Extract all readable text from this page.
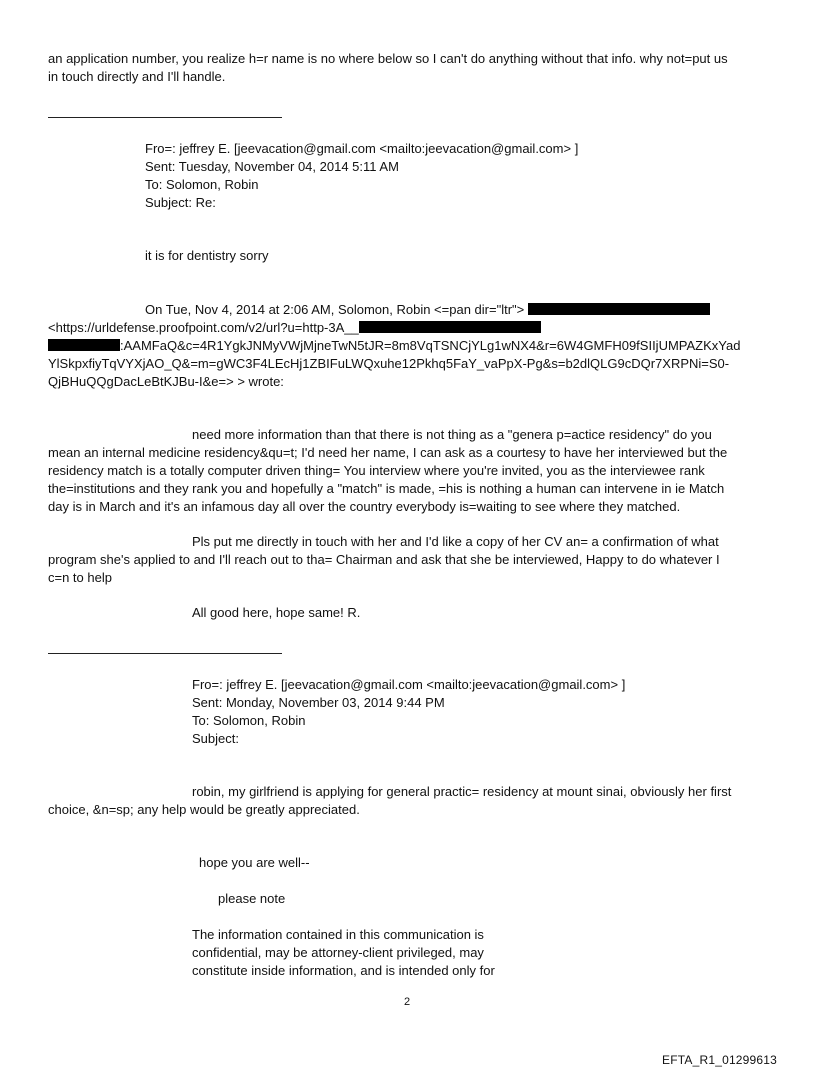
an application number, you realize h=r name is no where below so I can't do anything without that info. why not=put us

in touch directly and I'll handle.

Fro=: jeffrey E. [jeevacation@gmail.com <mailto:jeevacation@gmail.com> ]

Sent: Tuesday, November 04, 2014 5:11 AM

To: Solomon, Robin

Subject: Re:

it is for dentistry sorry

On Tue, Nov 4, 2014 at 2:06 AM, Solomon, Robin <=pan dir="ltr">

<https://urldefense.proofpoint.com/v2/url?u=http-3A__

:AAMFaQ&c=4R1YgkJNMyVWjMjneTwN5tJR=8m8VqTSNCjYLg1wNX4&r=6W4GMFH09fSIIjUMPAZKxYad

YlSkpxfiyTqVYXjAO_Q&=m=gWC3F4LEcHj1ZBIFuLWQxuhe12Pkhq5FaY_vaPpX-Pg&s=b2dlQLG9cDQr7XRPNi=S0-

QjBHuQQgDacLeBtKJBu-I&e=> > wrote:

need more information than that there is not thing as a "genera p=actice residency" do you

mean an internal medicine residency&qu=t; I'd need her name, I can ask as a courtesy to have her interviewed but the

residency match is a totally computer driven thing= You interview where you're invited, you as the interviewee rank

the=institutions and they rank you and hopefully a "match" is made, =his is nothing a human can intervene in ie Match

day is in March and it's an infamous day all over the country everybody is=waiting to see where they matched.

Pls put me directly in touch with her and I'd like a copy of her CV an= a confirmation of what

program she's applied to and I'll reach out to tha= Chairman and ask that she be interviewed, Happy to do whatever I

c=n to help

All good here, hope same! R.

Fro=: jeffrey E. [jeevacation@gmail.com <mailto:jeevacation@gmail.com> ]

Sent: Monday, November 03, 2014 9:44 PM

To: Solomon, Robin

Subject:

robin, my girlfriend is applying for general practic= residency at mount sinai, obviously her first

choice, &n=sp; any help would be greatly appreciated.

hope you are well--

please note

The information contained in this communication is

confidential, may be attorney-client privileged, may

constitute inside information, and is intended only for

2

EFTA_R1_01299613
